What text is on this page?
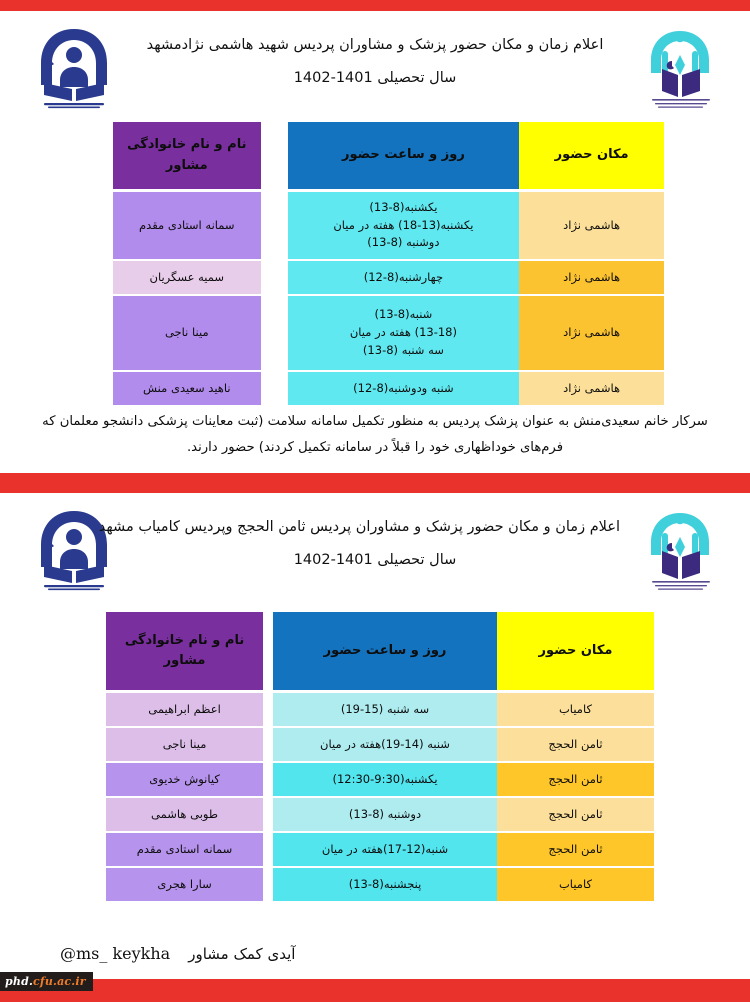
اعلام زمان و مکان حضور پزشک و مشاوران پردیس شهید هاشمی نژادمشهد
سال تحصیلی 1401-1402
نام و نام خانوادگی مشاور
سمانه استادی مقدم
سمیه عسگریان
مینا ناجی
ناهید سعیدی منش
روز و ساعت حضور
یکشنبه(8-13)
یکشنبه(13-18) هفته در میان
دوشنبه (8-13)
چهارشنبه(8-12)
شنبه(8-13)
(13-18) هفته در میان
سه شنبه (8-13)
شنبه ودوشنبه(8-12)
مکان حضور
هاشمی نژاد
هاشمی نژاد
هاشمی نژاد
هاشمی نژاد
سرکار خانم سعیدی‌منش به عنوان پزشک پردیس به منظور تکمیل سامانه سلامت (ثبت معاینات پزشکی دانشجو معلمان که فرم‌های خوداظهاری خود را قبلاً در سامانه تکمیل کردند) حضور دارند.
اعلام زمان و مکان حضور پزشک و مشاوران پردیس ثامن الحجج وپردیس کامیاب مشهد
سال تحصیلی 1401-1402
نام و نام خانوادگی مشاور
اعظم ابراهیمی
مینا ناجی
کیانوش خدیوی
طوبی هاشمی
سمانه استادی مقدم
سارا هجری
روز و ساعت حضور
سه شنبه (15-19)
شنبه (14-19)هفته در میان
یکشنبه(9:30-12:30)
دوشنبه (8-13)
شنبه(12-17)هفته در میان
پنجشنبه(8-13)
مکان حضور
کامیاب
ثامن الحجج
ثامن الحجج
ثامن الحجج
ثامن الحجج
کامیاب
آیدی کمک مشاور
@ms_ keykha
phd.cfu.ac.ir
